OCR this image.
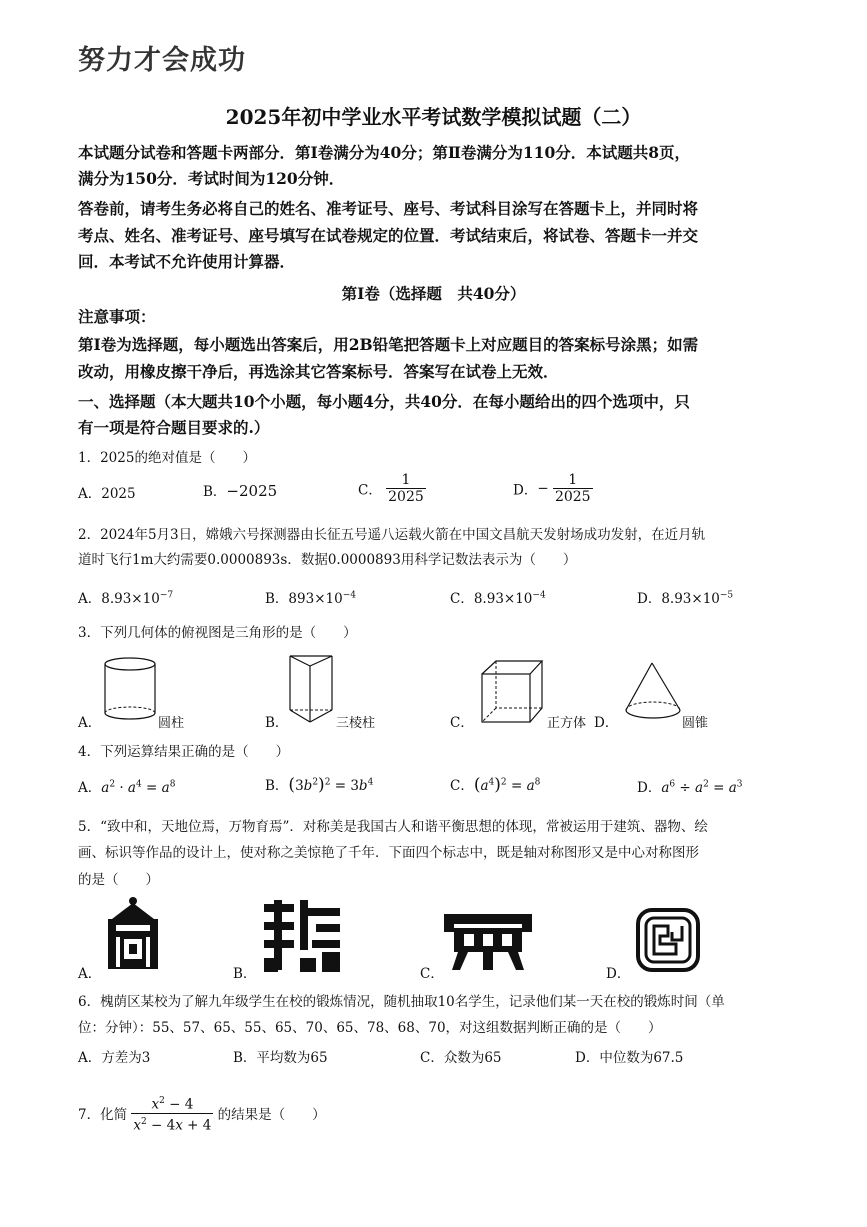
努力才会成功
2025年初中学业水平考试数学模拟试题（二）
本试题分试卷和答题卡两部分．第Ⅰ卷满分为40分；第Ⅱ卷满分为110分．本试题共8页，
满分为150分．考试时间为120分钟．
答卷前，请考生务必将自己的姓名、准考证号、座号、考试科目涂写在答题卡上，并同时将
考点、姓名、准考证号、座号填写在试卷规定的位置．考试结束后，将试卷、答题卡一并交
回．本考试不允许使用计算器．
第Ⅰ卷（选择题　共40分）
注意事项：
第Ⅰ卷为选择题，每小题选出答案后，用2B铅笔把答题卡上对应题目的答案标号涂黑；如需
改动，用橡皮擦干净后，再选涂其它答案标号．答案写在试卷上无效．
一、选择题（本大题共10个小题，每小题4分，共40分．在每小题给出的四个选项中，只
有一项是符合题目要求的.）
1．2025的绝对值是（　　）
A．2025	B．−2025	C． $\frac{1}{2025}$	D．− $\frac{1}{2025}$
2．2024年5月3日，嫦娥六号探测器由长征五号遥八运载火箭在中国文昌航天发射场成功发射，在近月轨
道时飞行1m大约需要0.0000893s．数据0.0000893用科学记数法表示为（　　）
A．$8.93\times 10^{-7}$	B．$893\times 10^{-4}$	C．$8.93\times 10^{-4}$	D．$8.93\times 10^{-5}$
3．下列几何体的俯视图是三角形的是（　　）
A．	圆柱	B．	三棱柱	C．	正方体 D．	圆锥
4．下列运算结果正确的是（　　）
A．$a^2 \cdot a^4 = a^8$	B．$(3b^2)^2 = 3b^4$	C．$(a^4)^2 = a^8$	D．$a^6 \div a^2 = a^3$
5．“致中和，天地位焉，万物育焉”．对称美是我国古人和谐平衡思想的体现，常被运用于建筑、器物、绘
画、标识等作品的设计上，使对称之美惊艳了千年．下面四个标志中，既是轴对称图形又是中心对称图形
的是（　　）
A．	B．	C．	D．
6．槐荫区某校为了解九年级学生在校的锻炼情况，随机抽取10名学生，记录他们某一天在校的锻炼时间（单
位：分钟）：55、57、65、55、65、70、65、78、68、70，对这组数据判断正确的是（　　）
A．方差为3	B．平均数为65	C．众数为65	D．中位数为67.5
7．化简 $\frac{x^2 - 4}{x^2 - 4x + 4}$ 的结果是（　　）
